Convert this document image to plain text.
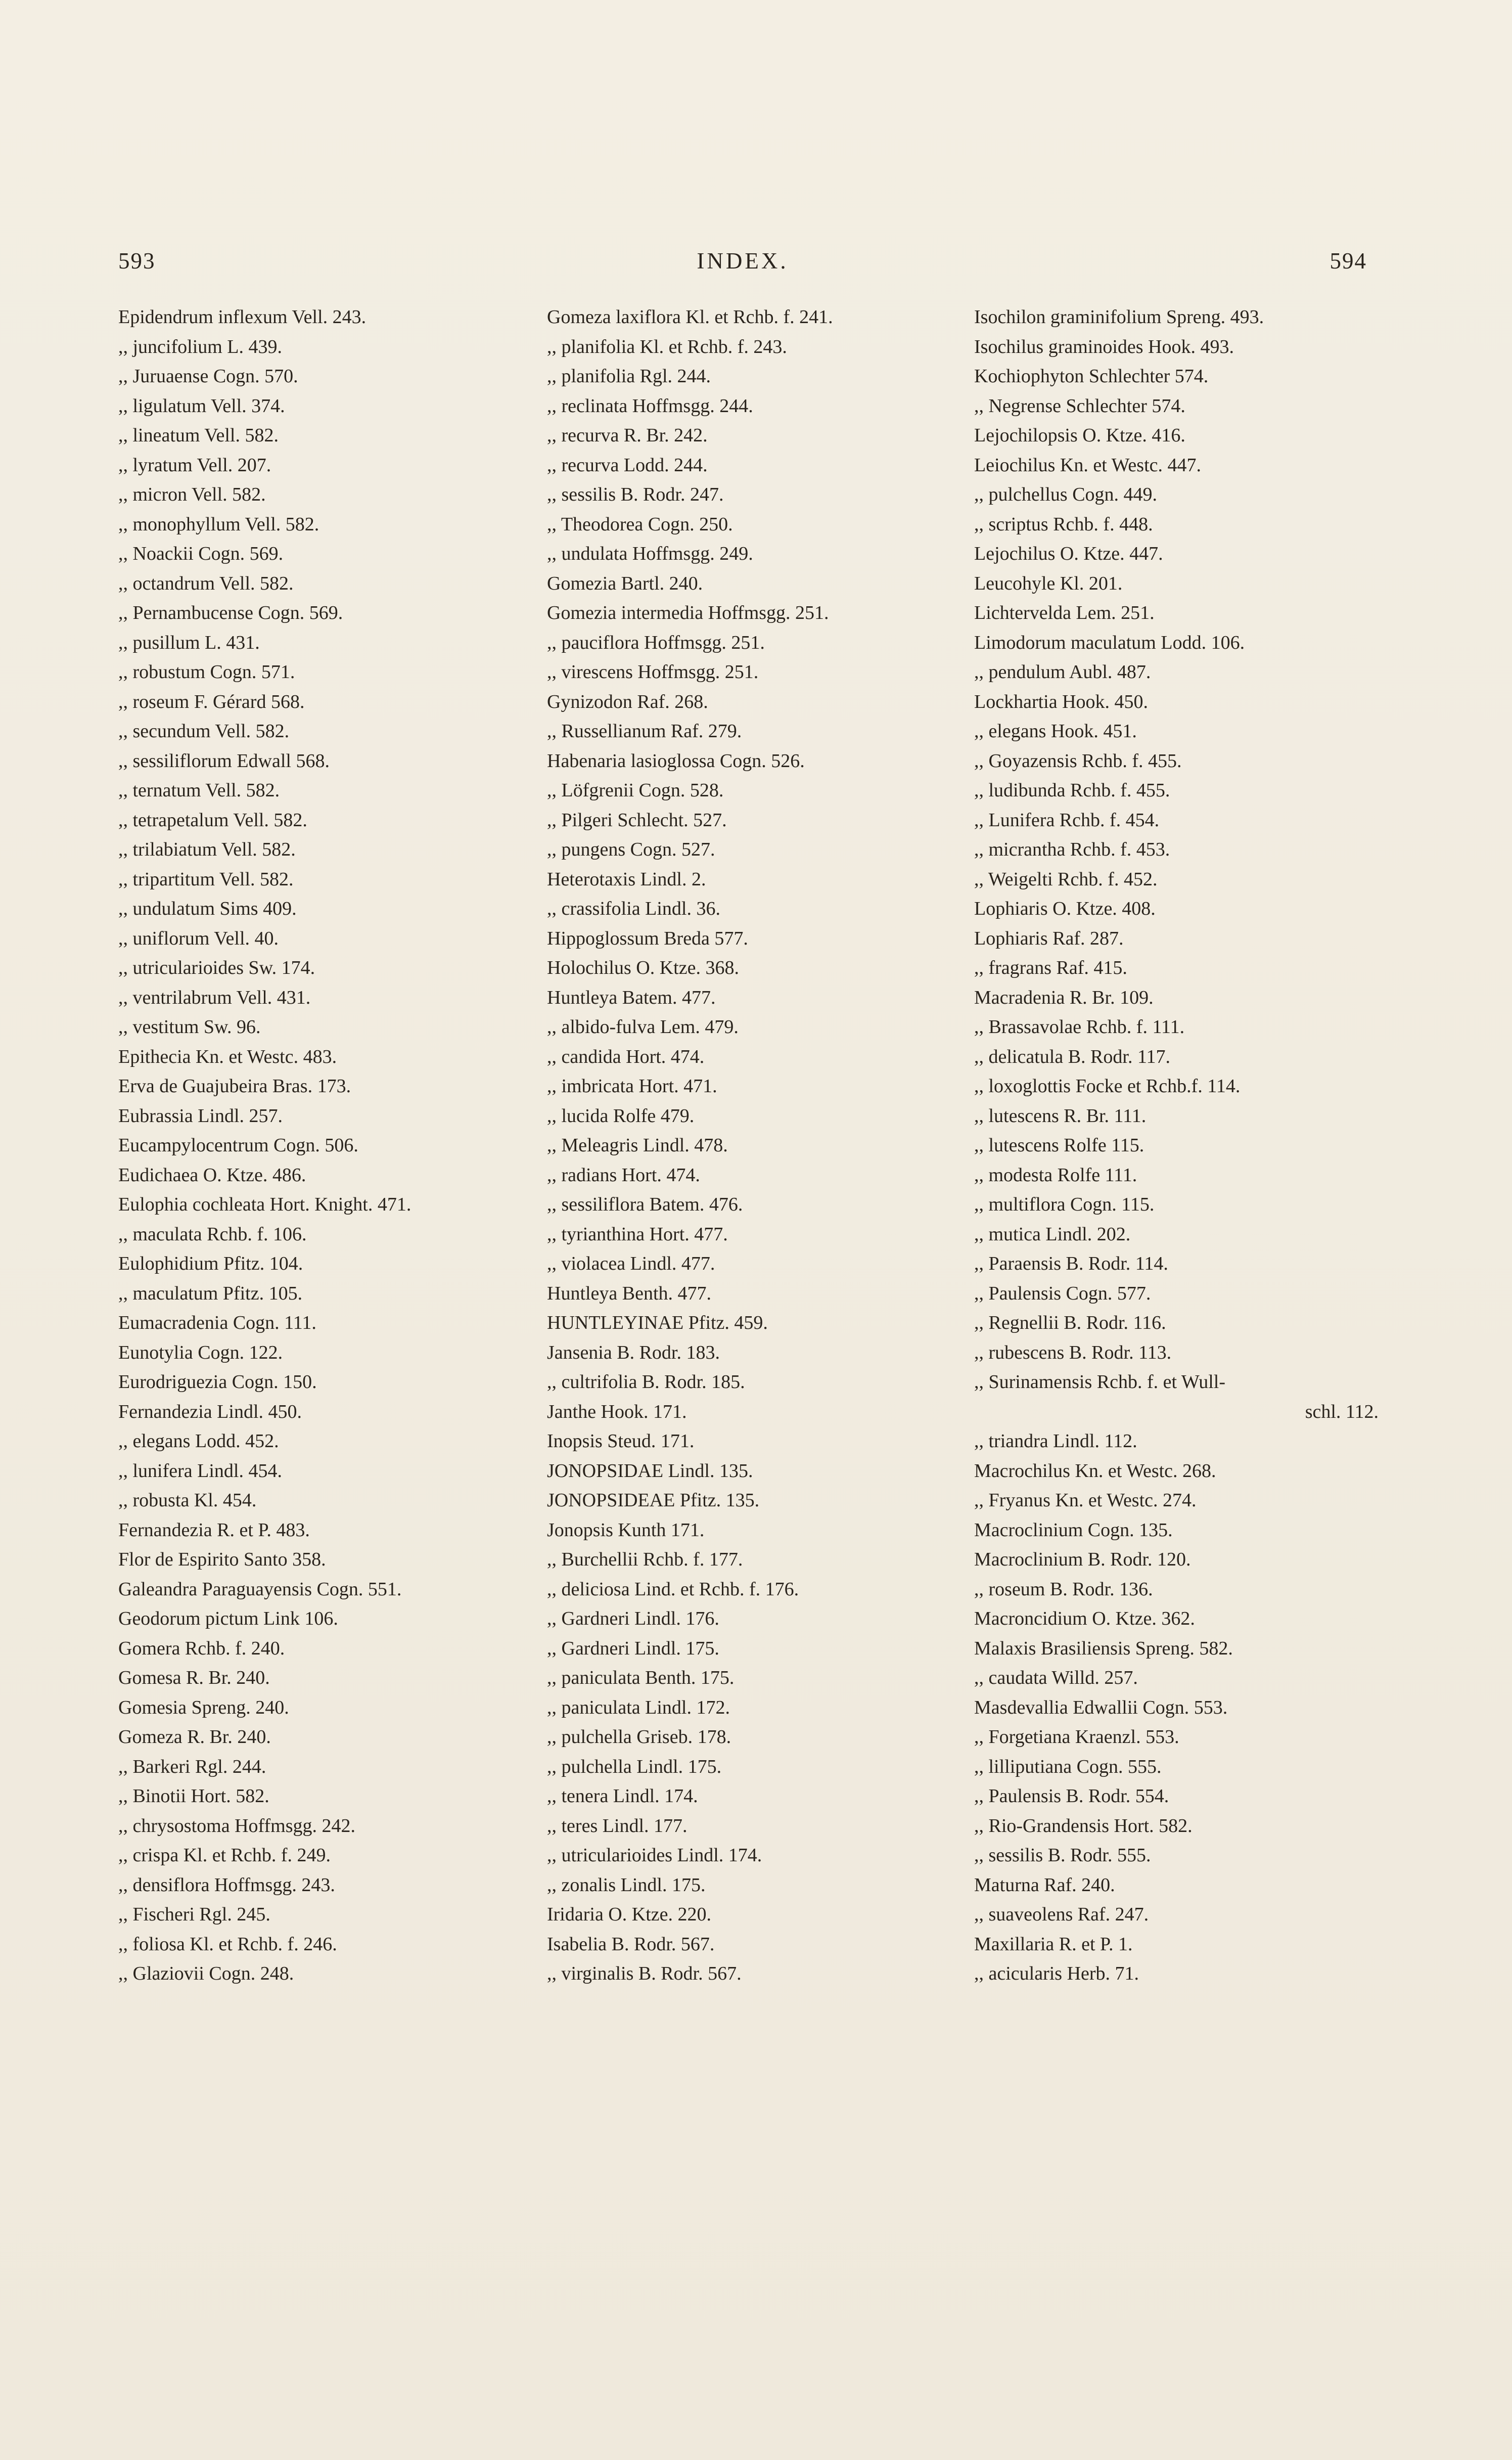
593	INDEX.	594
Epidendrum inflexum Vell. 243.
,, juncifolium L. 439.
,, Juruaense Cogn. 570.
,, ligulatum Vell. 374.
,, lineatum Vell. 582.
,, lyratum Vell. 207.
,, micron Vell. 582.
,, monophyllum Vell. 582.
,, Noackii Cogn. 569.
,, octandrum Vell. 582.
,, Pernambucense Cogn. 569.
,, pusillum L. 431.
,, robustum Cogn. 571.
,, roseum F. Gérard 568.
,, secundum Vell. 582.
,, sessiliflorum Edwall 568.
,, ternatum Vell. 582.
,, tetrapetalum Vell. 582.
,, trilabiatum Vell. 582.
,, tripartitum Vell. 582.
,, undulatum Sims 409.
,, uniflorum Vell. 40.
,, utricularioides Sw. 174.
,, ventrilabrum Vell. 431.
,, vestitum Sw. 96.
Epithecia Kn. et Westc. 483.
Erva de Guajubeira Bras. 173.
Eubrassia Lindl. 257.
Eucampylocentrum Cogn. 506.
Eudichaea O. Ktze. 486.
Eulophia cochleata Hort. Knight. 471.
,, maculata Rchb. f. 106.
Eulophidium Pfitz. 104.
,, maculatum Pfitz. 105.
Eumacradenia Cogn. 111.
Eunotylia Cogn. 122.
Eurodriguezia Cogn. 150.
Fernandezia Lindl. 450.
,, elegans Lodd. 452.
,, lunifera Lindl. 454.
,, robusta Kl. 454.
Fernandezia R. et P. 483.
Flor de Espirito Santo 358.
Galeandra Paraguayensis Cogn. 551.
Geodorum pictum Link 106.
Gomera Rchb. f. 240.
Gomesa R. Br. 240.
Gomesia Spreng. 240.
Gomeza R. Br. 240.
,, Barkeri Rgl. 244.
,, Binotii Hort. 582.
,, chrysostoma Hoffmsgg. 242.
,, crispa Kl. et Rchb. f. 249.
,, densiflora Hoffmsgg. 243.
,, Fischeri Rgl. 245.
,, foliosa Kl. et Rchb. f. 246.
,, Glaziovii Cogn. 248.
Gomeza laxiflora Kl. et Rchb. f. 241.
,, planifolia Kl. et Rchb. f. 243.
,, planifolia Rgl. 244.
,, reclinata Hoffmsgg. 244.
,, recurva R. Br. 242.
,, recurva Lodd. 244.
,, sessilis B. Rodr. 247.
,, Theodorea Cogn. 250.
,, undulata Hoffmsgg. 249.
Gomezia Bartl. 240.
Gomezia intermedia Hoffmsgg. 251.
,, pauciflora Hoffmsgg. 251.
,, virescens Hoffmsgg. 251.
Gynizodon Raf. 268.
,, Russellianum Raf. 279.
Habenaria lasioglossa Cogn. 526.
,, Löfgrenii Cogn. 528.
,, Pilgeri Schlecht. 527.
,, pungens Cogn. 527.
Heterotaxis Lindl. 2.
,, crassifolia Lindl. 36.
Hippoglossum Breda 577.
Holochilus O. Ktze. 368.
Huntleya Batem. 477.
,, albido-fulva Lem. 479.
,, candida Hort. 474.
,, imbricata Hort. 471.
,, lucida Rolfe 479.
,, Meleagris Lindl. 478.
,, radians Hort. 474.
,, sessiliflora Batem. 476.
,, tyrianthina Hort. 477.
,, violacea Lindl. 477.
Huntleya Benth. 477.
HUNTLEYINAE Pfitz. 459.
Jansenia B. Rodr. 183.
,, cultrifolia B. Rodr. 185.
Janthe Hook. 171.
Inopsis Steud. 171.
JONOPSIDAE Lindl. 135.
JONOPSIDEAE Pfitz. 135.
Jonopsis Kunth 171.
,, Burchellii Rchb. f. 177.
,, deliciosa Lind. et Rchb. f. 176.
,, Gardneri Lindl. 176.
,, Gardneri Lindl. 175.
,, paniculata Benth. 175.
,, paniculata Lindl. 172.
,, pulchella Griseb. 178.
,, pulchella Lindl. 175.
,, tenera Lindl. 174.
,, teres Lindl. 177.
,, utricularioides Lindl. 174.
,, zonalis Lindl. 175.
Iridaria O. Ktze. 220.
Isabelia B. Rodr. 567.
,, virginalis B. Rodr. 567.
Isochilon graminifolium Spreng. 493.
Isochilus graminoides Hook. 493.
Kochiophyton Schlechter 574.
,, Negrense Schlechter 574.
Lejochilopsis O. Ktze. 416.
Leiochilus Kn. et Westc. 447.
,, pulchellus Cogn. 449.
,, scriptus Rchb. f. 448.
Lejochilus O. Ktze. 447.
Leucohyle Kl. 201.
Lichtervelda Lem. 251.
Limodorum maculatum Lodd. 106.
,, pendulum Aubl. 487.
Lockhartia Hook. 450.
,, elegans Hook. 451.
,, Goyazensis Rchb. f. 455.
,, ludibunda Rchb. f. 455.
,, Lunifera Rchb. f. 454.
,, micrantha Rchb. f. 453.
,, Weigelti Rchb. f. 452.
Lophiaris O. Ktze. 408.
Lophiaris Raf. 287.
,, fragrans Raf. 415.
Macradenia R. Br. 109.
,, Brassavolae Rchb. f. 111.
,, delicatula B. Rodr. 117.
,, loxoglottis Focke et Rchb.f. 114.
,, lutescens R. Br. 111.
,, lutescens Rolfe 115.
,, modesta Rolfe 111.
,, multiflora Cogn. 115.
,, mutica Lindl. 202.
,, Paraensis B. Rodr. 114.
,, Paulensis Cogn. 577.
,, Regnellii B. Rodr. 116.
,, rubescens B. Rodr. 113.
,, Surinamensis Rchb. f. et Wull-
schl. 112.
,, triandra Lindl. 112.
Macrochilus Kn. et Westc. 268.
,, Fryanus Kn. et Westc. 274.
Macroclinium Cogn. 135.
Macroclinium B. Rodr. 120.
,, roseum B. Rodr. 136.
Macroncidium O. Ktze. 362.
Malaxis Brasiliensis Spreng. 582.
,, caudata Willd. 257.
Masdevallia Edwallii Cogn. 553.
,, Forgetiana Kraenzl. 553.
,, lilliputiana Cogn. 555.
,, Paulensis B. Rodr. 554.
,, Rio-Grandensis Hort. 582.
,, sessilis B. Rodr. 555.
Maturna Raf. 240.
,, suaveolens Raf. 247.
Maxillaria R. et P. 1.
,, acicularis Herb. 71.
